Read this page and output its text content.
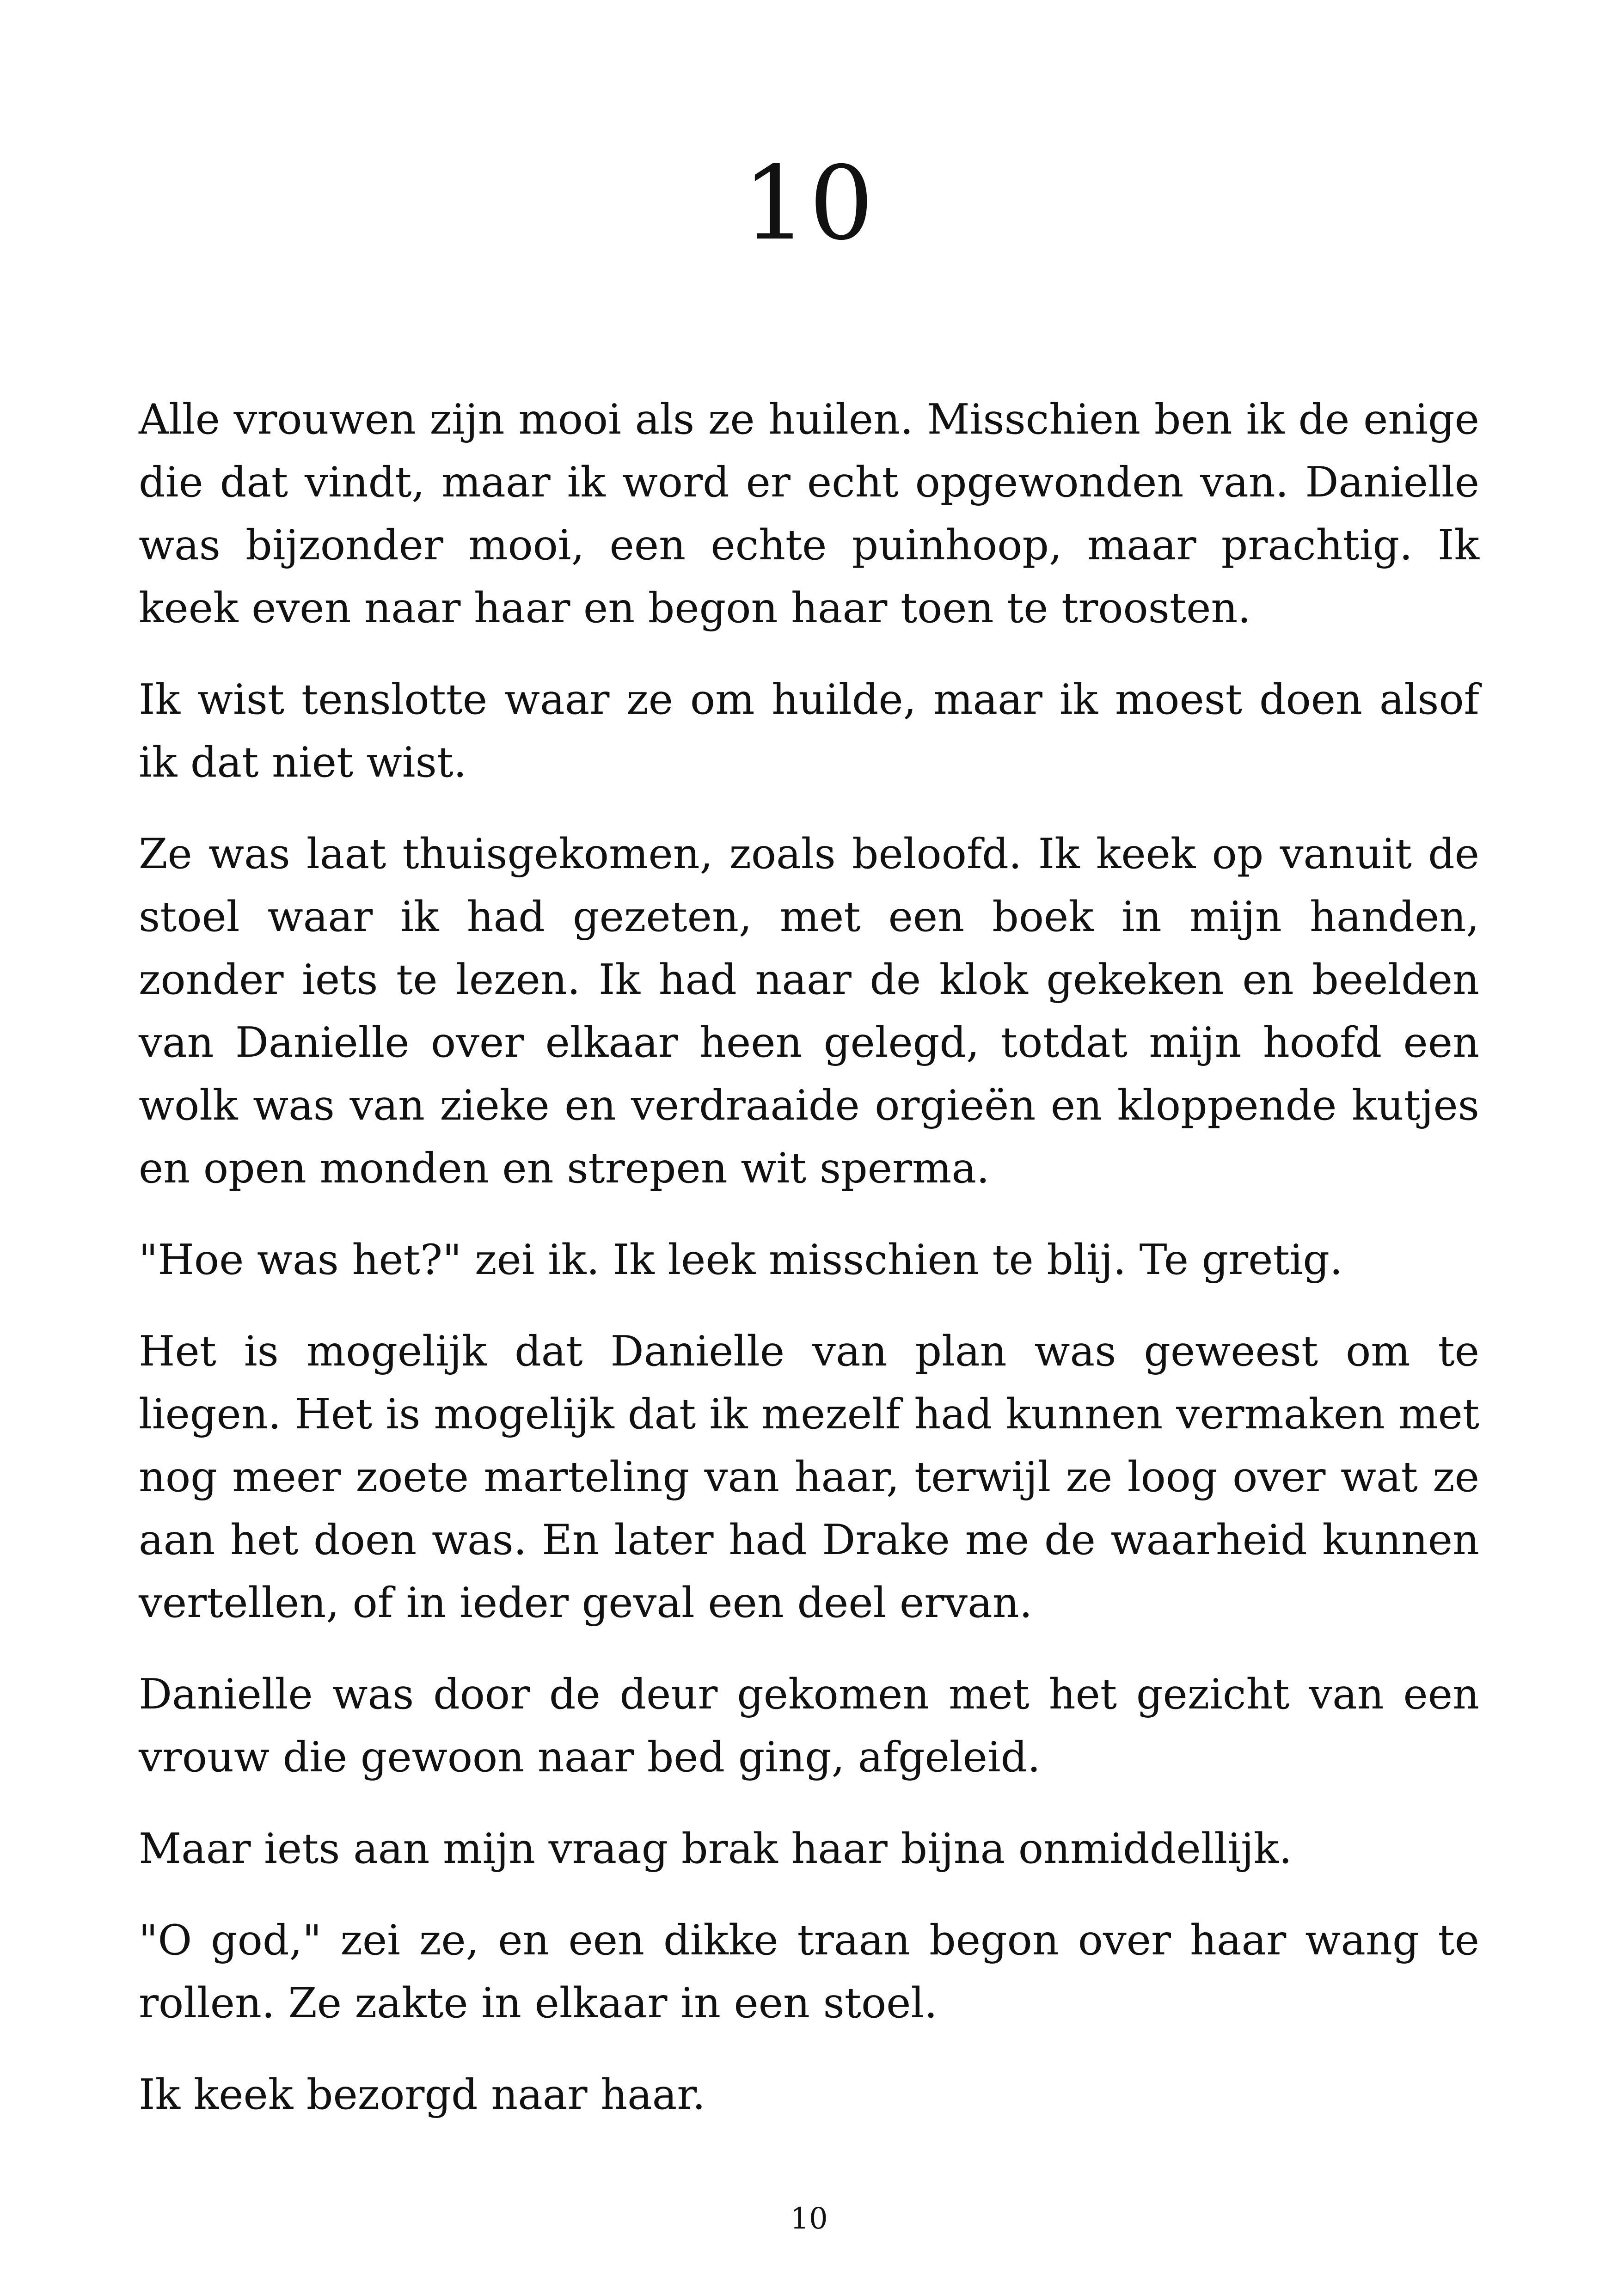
10

Alle vrouwen zijn mooi als ze huilen. Misschien ben ik de enige die dat vindt, maar ik word er echt opgewonden van. Danielle was bijzonder mooi, een echte puinhoop, maar prachtig. Ik keek even naar haar en begon haar toen te troosten.

Ik wist tenslotte waar ze om huilde, maar ik moest doen alsof ik dat niet wist.

Ze was laat thuisgekomen, zoals beloofd. Ik keek op vanuit de stoel waar ik had gezeten, met een boek in mijn handen, zonder iets te lezen. Ik had naar de klok gekeken en beelden van Danielle over elkaar heen gelegd, totdat mijn hoofd een wolk was van zieke en verdraaide orgieën en kloppende kutjes en open monden en strepen wit sperma.

"Hoe was het?" zei ik. Ik leek misschien te blij. Te gretig.

Het is mogelijk dat Danielle van plan was geweest om te liegen. Het is mogelijk dat ik mezelf had kunnen vermaken met nog meer zoete marteling van haar, terwijl ze loog over wat ze aan het doen was. En later had Drake me de waarheid kunnen vertellen, of in ieder geval een deel ervan.

Danielle was door de deur gekomen met het gezicht van een vrouw die gewoon naar bed ging, afgeleid.

Maar iets aan mijn vraag brak haar bijna onmiddellijk.

"O god," zei ze, en een dikke traan begon over haar wang te rollen. Ze zakte in elkaar in een stoel.

Ik keek bezorgd naar haar.

10
